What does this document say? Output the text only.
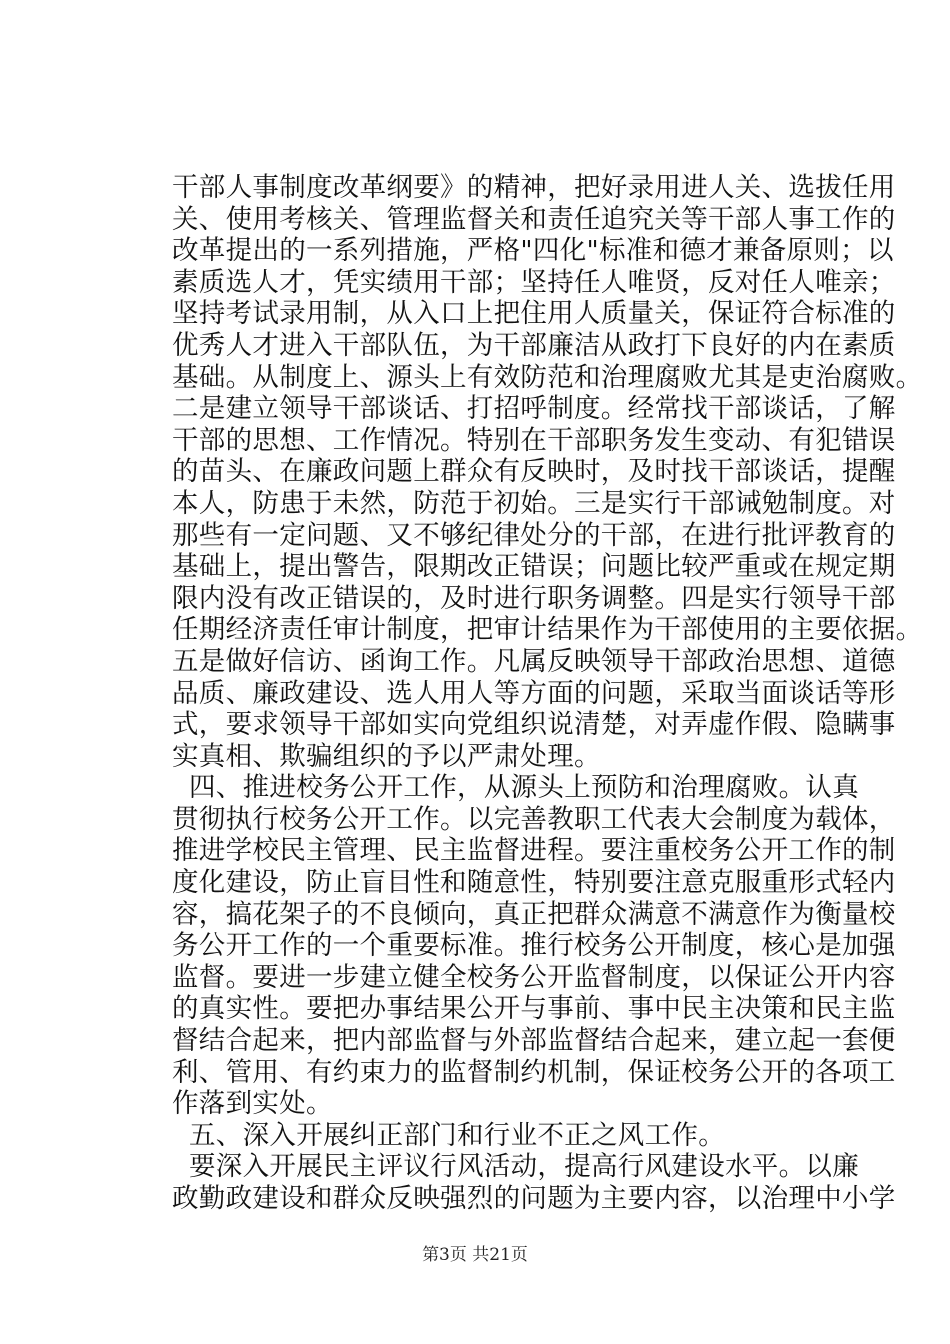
干部人事制度改革纲要》的精神，把好录用进人关、选拔任用
关、使用考核关、管理监督关和责任追究关等干部人事工作的
改革提出的一系列措施，严格"四化"标准和德才兼备原则；以
素质选人才，凭实绩用干部；坚持任人唯贤，反对任人唯亲；
坚持考试录用制，从入口上把住用人质量关，保证符合标准的
优秀人才进入干部队伍，为干部廉洁从政打下良好的内在素质
基础。从制度上、源头上有效防范和治理腐败尤其是吏治腐败。
二是建立领导干部谈话、打招呼制度。经常找干部谈话，了解
干部的思想、工作情况。特别在干部职务发生变动、有犯错误
的苗头、在廉政问题上群众有反映时，及时找干部谈话，提醒
本人，防患于未然，防范于初始。三是实行干部诫勉制度。对
那些有一定问题、又不够纪律处分的干部，在进行批评教育的
基础上，提出警告，限期改正错误；问题比较严重或在规定期
限内没有改正错误的，及时进行职务调整。四是实行领导干部
任期经济责任审计制度，把审计结果作为干部使用的主要依据。
五是做好信访、函询工作。凡属反映领导干部政治思想、道德
品质、廉政建设、选人用人等方面的问题，采取当面谈话等形
式，要求领导干部如实向党组织说清楚，对弄虚作假、隐瞒事
实真相、欺骗组织的予以严肃处理。
四、推进校务公开工作，从源头上预防和治理腐败。认真
贯彻执行校务公开工作。以完善教职工代表大会制度为载体，
推进学校民主管理、民主监督进程。要注重校务公开工作的制
度化建设，防止盲目性和随意性，特别要注意克服重形式轻内
容，搞花架子的不良倾向，真正把群众满意不满意作为衡量校
务公开工作的一个重要标准。推行校务公开制度，核心是加强
监督。要进一步建立健全校务公开监督制度，以保证公开内容
的真实性。要把办事结果公开与事前、事中民主决策和民主监
督结合起来，把内部监督与外部监督结合起来，建立起一套便
利、管用、有约束力的监督制约机制，保证校务公开的各项工
作落到实处。
五、深入开展纠正部门和行业不正之风工作。
要深入开展民主评议行风活动，提高行风建设水平。以廉
政勤政建设和群众反映强烈的问题为主要内容，以治理中小学
第3页 共21页
